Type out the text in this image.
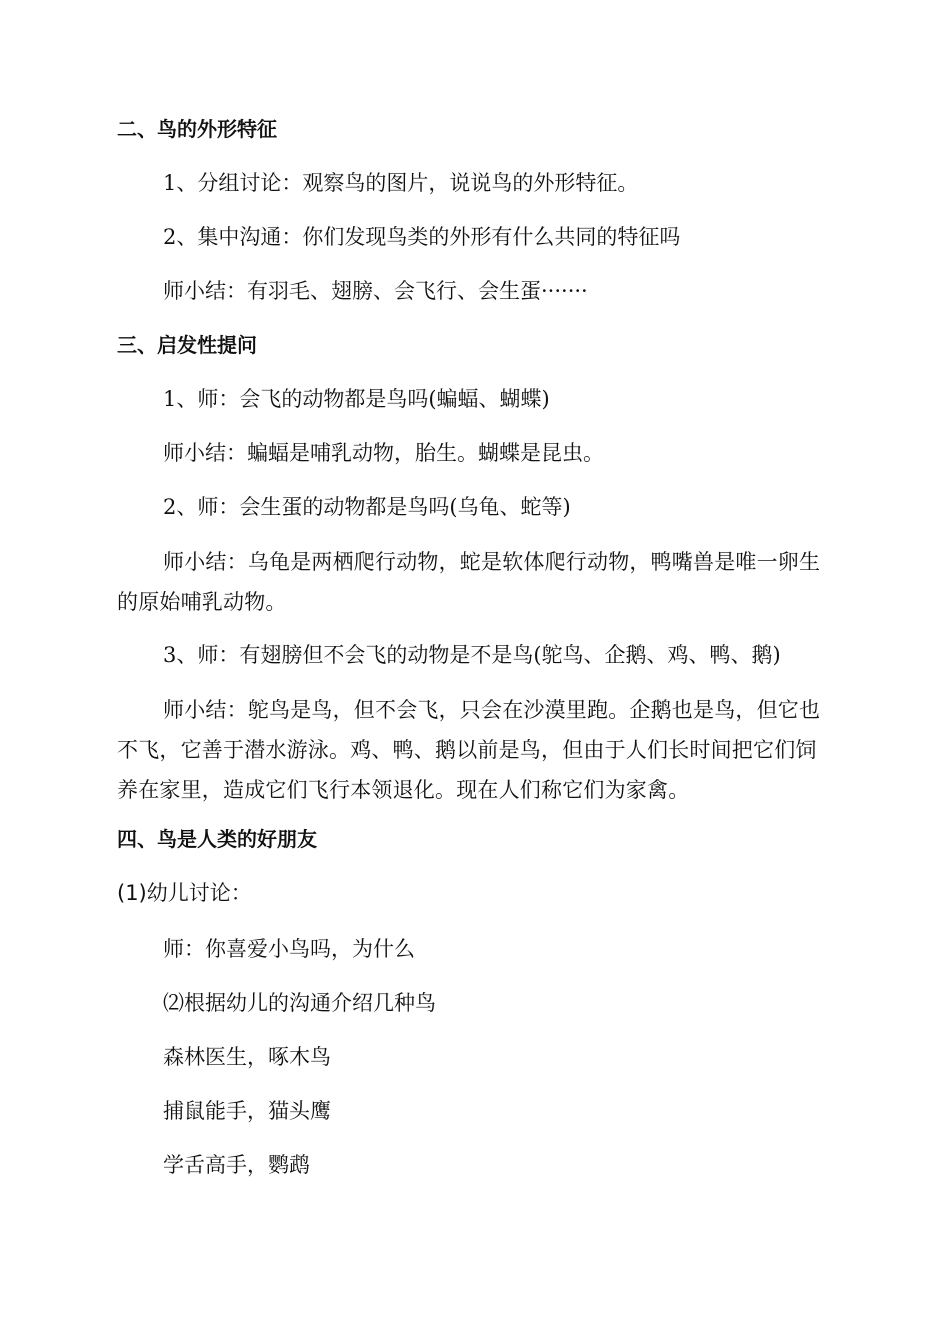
二、鸟的外形特征
1、分组讨论：观察鸟的图片，说说鸟的外形特征。
2、集中沟通：你们发现鸟类的外形有什么共同的特征吗
师小结：有羽毛、翅膀、会飞行、会生蛋·······
三、启发性提问
1、师：会飞的动物都是鸟吗(蝙蝠、蝴蝶)
师小结：蝙蝠是哺乳动物，胎生。蝴蝶是昆虫。
2、师：会生蛋的动物都是鸟吗(乌龟、蛇等)
师小结：乌龟是两栖爬行动物，蛇是软体爬行动物，鸭嘴兽是唯一卵生的原始哺乳动物。
3、师：有翅膀但不会飞的动物是不是鸟(鸵鸟、企鹅、鸡、鸭、鹅)
师小结：鸵鸟是鸟，但不会飞，只会在沙漠里跑。企鹅也是鸟，但它也不飞，它善于潜水游泳。鸡、鸭、鹅以前是鸟，但由于人们长时间把它们饲养在家里，造成它们飞行本领退化。现在人们称它们为家禽。
四、鸟是人类的好朋友
(1)幼儿讨论：
师：你喜爱小鸟吗，为什么
⑵根据幼儿的沟通介绍几种鸟
森林医生，啄木鸟
捕鼠能手，猫头鹰
学舌高手，鹦鹉
